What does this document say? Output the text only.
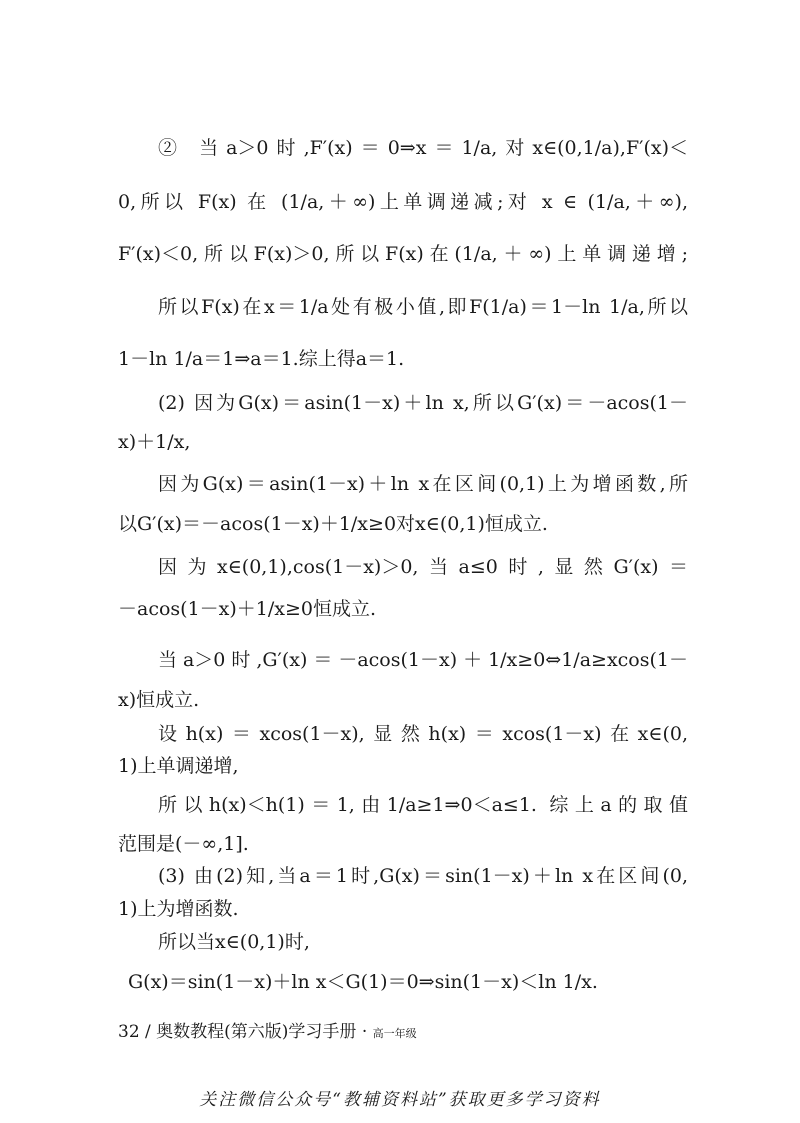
② 当a＞0时,F′(x)＝0⇒x＝1/a,对x∈(0,1/a),F′(x)＜
0,所以 F(x) 在 (1/a,＋∞)上单调递减;对 x ∈ (1/a,＋∞),
F′(x)＜0,所以F(x)＞0,所以F(x)在(1/a,＋∞)上单调递增;
所以F(x)在x＝1/a处有极小值,即F(1/a)＝1－ln 1/a,所以
1－ln 1/a＝1⇒a＝1.综上得a＝1.
(2) 因为G(x)＝asin(1－x)＋ln x,所以G′(x)＝－acos(1－
x)＋1/x,
因为G(x)＝asin(1－x)＋ln x在区间(0,1)上为增函数,所
以G′(x)＝－acos(1－x)＋1/x≥0对x∈(0,1)恒成立.
因为x∈(0,1),cos(1－x)＞0,当a≤0时,显然G′(x)＝
－acos(1－x)＋1/x≥0恒成立.
当a＞0时,G′(x)＝－acos(1－x)＋1/x≥0⇔1/a≥xcos(1－
x)恒成立.
设h(x)＝xcos(1－x),显然h(x)＝xcos(1－x)在x∈(0,
1)上单调递增,
所以h(x)＜h(1)＝1,由1/a≥1⇒0＜a≤1. 综上a的取值
范围是(－∞,1].
(3) 由(2)知,当a＝1时,G(x)＝sin(1－x)＋ln x在区间(0,
1)上为增函数.
所以当x∈(0,1)时,
G(x)＝sin(1－x)＋ln x＜G(1)＝0⇒sin(1－x)＜ln 1/x.
32 / 奥数教程(第六版)学习手册 · 高一年级
关注微信公众号“教辅资料站”获取更多学习资料
